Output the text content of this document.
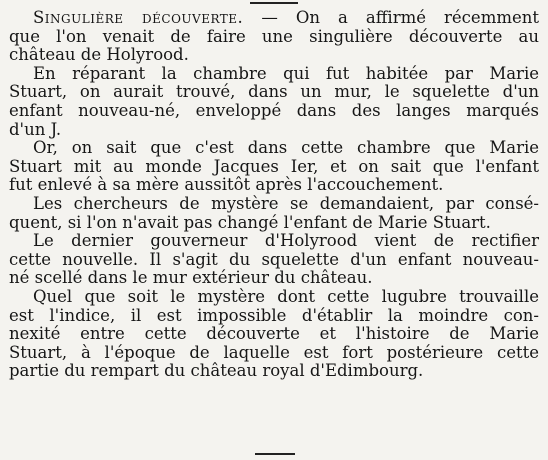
Singulière découverte. — On a affirmé récemment
que l'on venait de faire une singulière découverte au
château de Holyrood.

En réparant la chambre qui fut habitée par Marie
Stuart, on aurait trouvé, dans un mur, le squelette d'un
enfant nouveau-né, enveloppé dans des langes marqués
d'un J.

Or, on sait que c'est dans cette chambre que Marie
Stuart mit au monde Jacques Ier, et on sait que l'enfant
fut enlevé à sa mère aussitôt après l'accouchement.

Les chercheurs de mystère se demandaient, par consé-
quent, si l'on n'avait pas changé l'enfant de Marie Stuart.

Le dernier gouverneur d'Holyrood vient de rectifier
cette nouvelle. Il s'agit du squelette d'un enfant nouveau-
né scellé dans le mur extérieur du château.

Quel que soit le mystère dont cette lugubre trouvaille
est l'indice, il est impossible d'établir la moindre con-
nexité entre cette découverte et l'histoire de Marie
Stuart, à l'époque de laquelle est fort postérieure cette
partie du rempart du château royal d'Edimbourg.
